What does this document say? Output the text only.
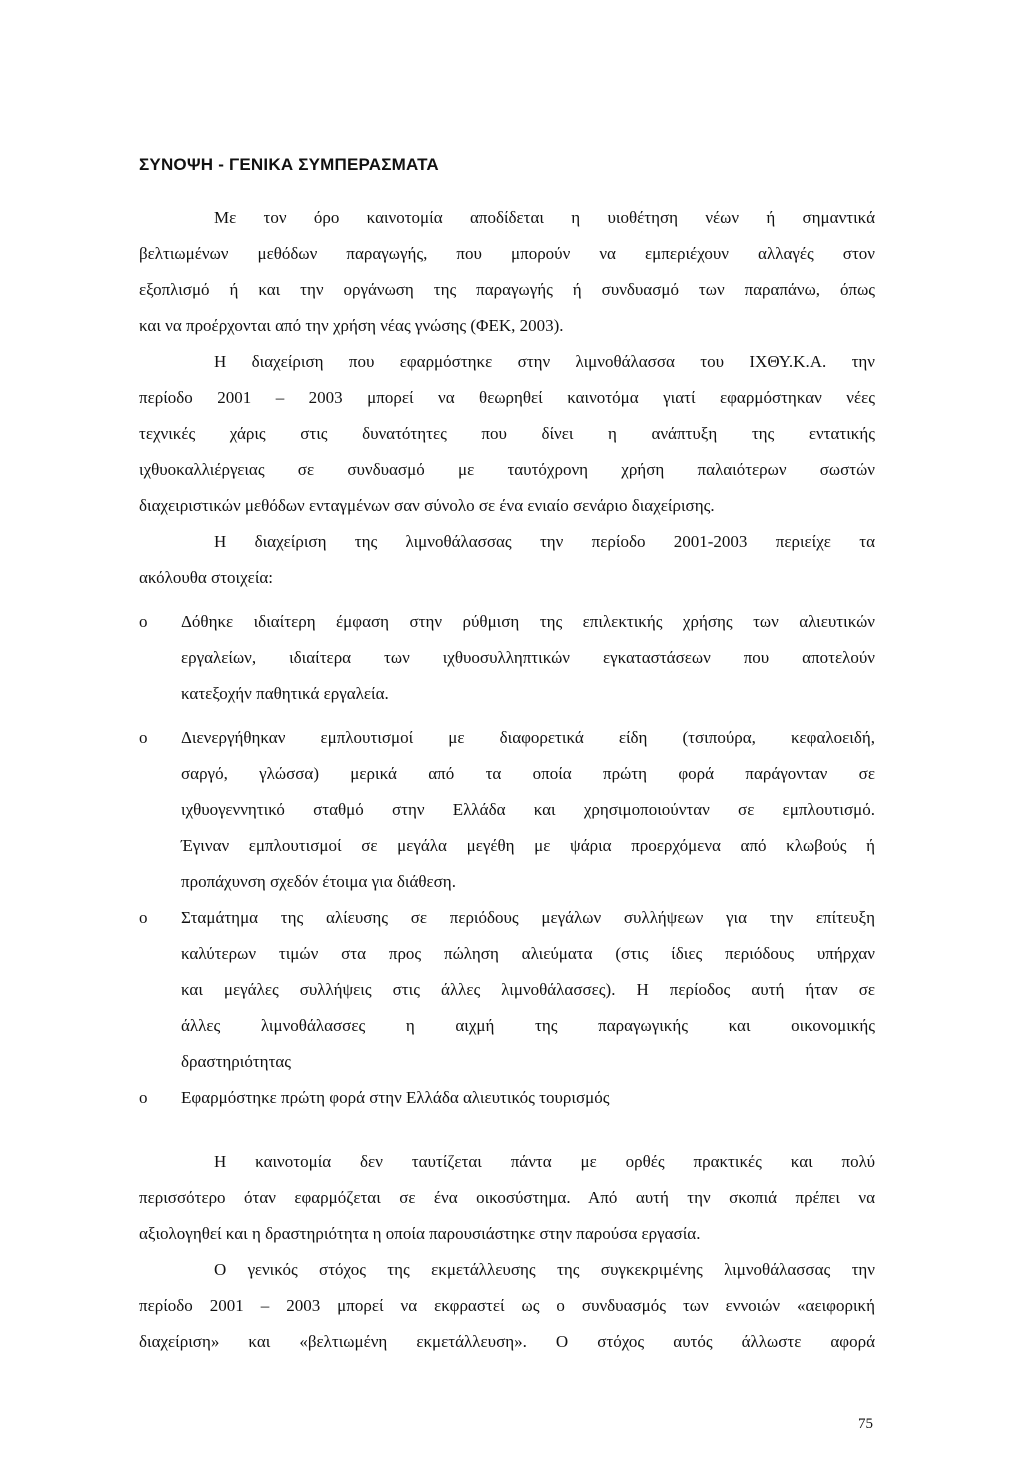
ΣΥΝΟΨΗ - ΓΕΝΙΚΑ ΣΥΜΠΕΡΑΣΜΑΤΑ
Με τον όρο καινοτομία αποδίδεται η υιοθέτηση νέων ή σημαντικά
βελτιωμένων μεθόδων παραγωγής, που μπορούν να εμπεριέχουν αλλαγές στον
εξοπλισμό ή και την οργάνωση της παραγωγής ή συνδυασμό των παραπάνω, όπως
και να προέρχονται από την χρήση νέας γνώσης (ΦΕΚ, 2003).
Η διαχείριση που εφαρμόστηκε στην λιμνοθάλασσα του ΙΧΘΥ.Κ.Α. την
περίοδο 2001 – 2003 μπορεί να θεωρηθεί καινοτόμα γιατί εφαρμόστηκαν νέες
τεχνικές χάρις στις δυνατότητες που δίνει η ανάπτυξη της εντατικής
ιχθυοκαλλιέργειας σε συνδυασμό με ταυτόχρονη χρήση παλαιότερων σωστών
διαχειριστικών μεθόδων ενταγμένων σαν σύνολο σε ένα ενιαίο σενάριο διαχείρισης.
Η διαχείριση της λιμνοθάλασσας την περίοδο 2001-2003 περιείχε τα
ακόλουθα στοιχεία:
o Δόθηκε ιδιαίτερη έμφαση στην ρύθμιση της επιλεκτικής χρήσης των αλιευτικών
εργαλείων, ιδιαίτερα των ιχθυοσυλληπτικών εγκαταστάσεων που αποτελούν
κατεξοχήν παθητικά εργαλεία.
o Διενεργήθηκαν εμπλουτισμοί με διαφορετικά είδη (τσιπούρα, κεφαλοειδή,
σαργό, γλώσσα) μερικά από τα οποία πρώτη φορά παράγονταν σε
ιχθυογεννητικό σταθμό στην Ελλάδα και χρησιμοποιούνταν σε εμπλουτισμό.
Έγιναν εμπλουτισμοί σε μεγάλα μεγέθη με ψάρια προερχόμενα από κλωβούς ή
προπάχυνση σχεδόν έτοιμα για διάθεση.
o Σταμάτημα της αλίευσης σε περιόδους μεγάλων συλλήψεων για την επίτευξη
καλύτερων τιμών στα προς πώληση αλιεύματα (στις ίδιες περιόδους υπήρχαν
και μεγάλες συλλήψεις στις άλλες λιμνοθάλασσες). Η περίοδος αυτή ήταν σε
άλλες λιμνοθάλασσες η αιχμή της παραγωγικής και οικονομικής
δραστηριότητας
o Εφαρμόστηκε πρώτη φορά στην Ελλάδα αλιευτικός τουρισμός
Η καινοτομία δεν ταυτίζεται πάντα με ορθές πρακτικές και πολύ
περισσότερο όταν εφαρμόζεται σε ένα οικοσύστημα. Από αυτή την σκοπιά πρέπει να
αξιολογηθεί και η δραστηριότητα η οποία παρουσιάστηκε στην παρούσα εργασία.
Ο γενικός στόχος της εκμετάλλευσης της συγκεκριμένης λιμνοθάλασσας την
περίοδο 2001 – 2003 μπορεί να εκφραστεί ως ο συνδυασμός των εννοιών «αειφορική
διαχείριση» και «βελτιωμένη εκμετάλλευση». Ο στόχος αυτός άλλωστε αφορά
75
